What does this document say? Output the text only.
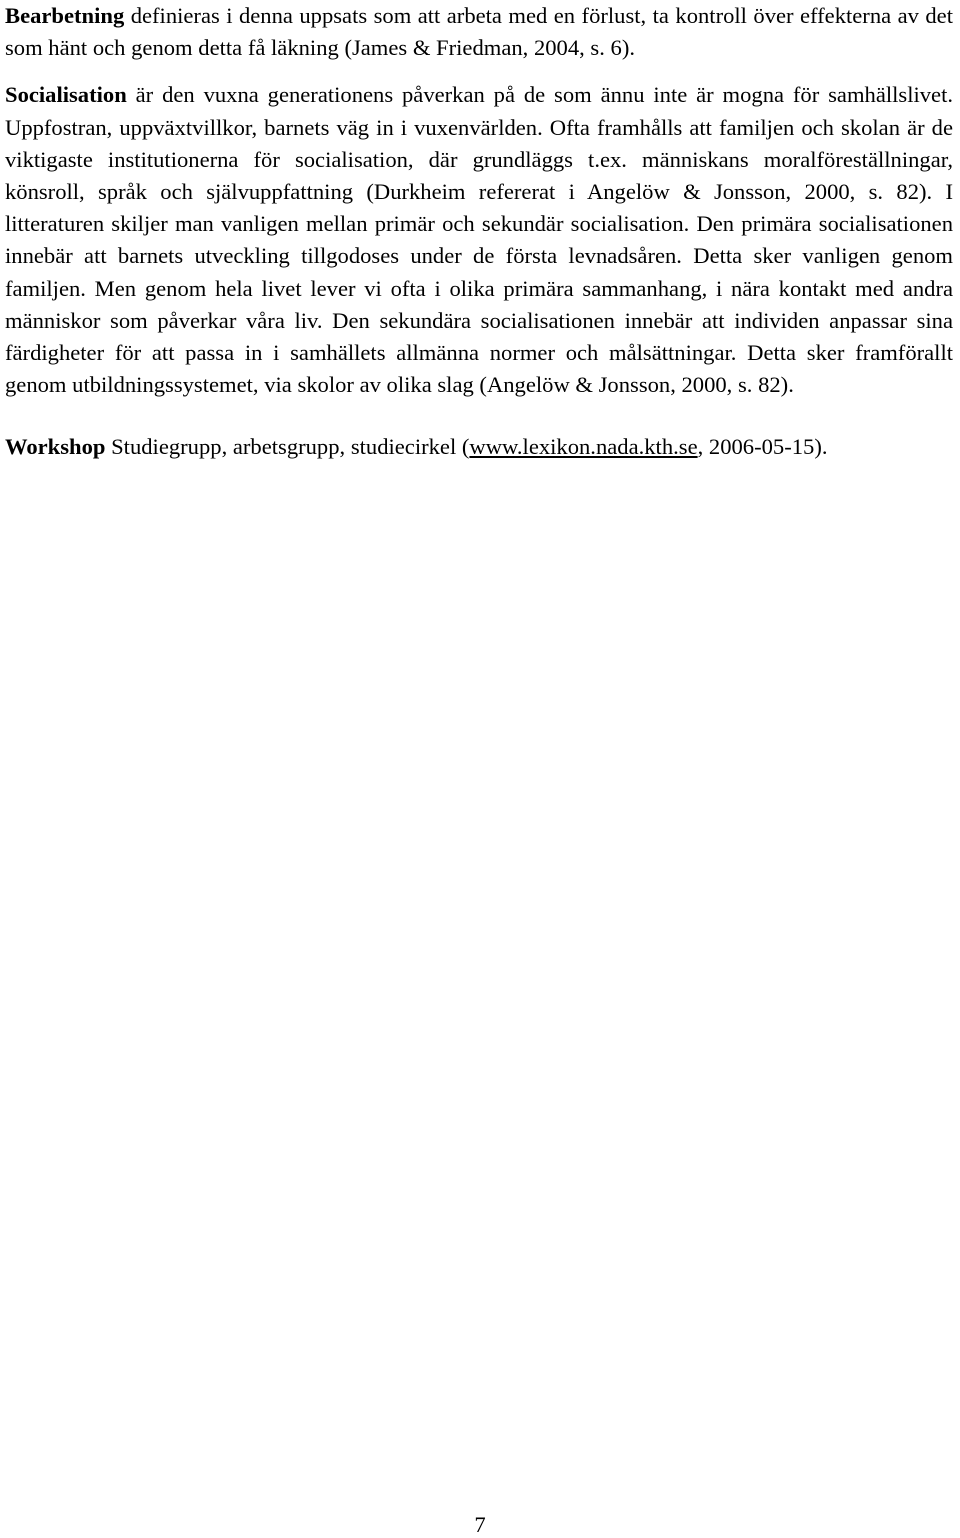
Bearbetning definieras i denna uppsats som att arbeta med en förlust, ta kontroll över effekterna av det som hänt och genom detta få läkning (James & Friedman, 2004, s. 6).

Socialisation är den vuxna generationens påverkan på de som ännu inte är mogna för samhällslivet. Uppfostran, uppväxtvillkor, barnets väg in i vuxenvärlden. Ofta framhålls att familjen och skolan är de viktigaste institutionerna för socialisation, där grundläggs t.ex. människans moralföreställningar, könsroll, språk och självuppfattning (Durkheim refererat i Angelöw & Jonsson, 2000, s. 82). I litteraturen skiljer man vanligen mellan primär och sekundär socialisation. Den primära socialisationen innebär att barnets utveckling tillgodoses under de första levnadsåren. Detta sker vanligen genom familjen. Men genom hela livet lever vi ofta i olika primära sammanhang, i nära kontakt med andra människor som påverkar våra liv. Den sekundära socialisationen innebär att individen anpassar sina färdigheter för att passa in i samhällets allmänna normer och målsättningar. Detta sker framförallt genom utbildningssystemet, via skolor av olika slag (Angelöw & Jonsson, 2000, s. 82).

Workshop Studiegrupp, arbetsgrupp, studiecirkel (www.lexikon.nada.kth.se, 2006-05-15).

7
